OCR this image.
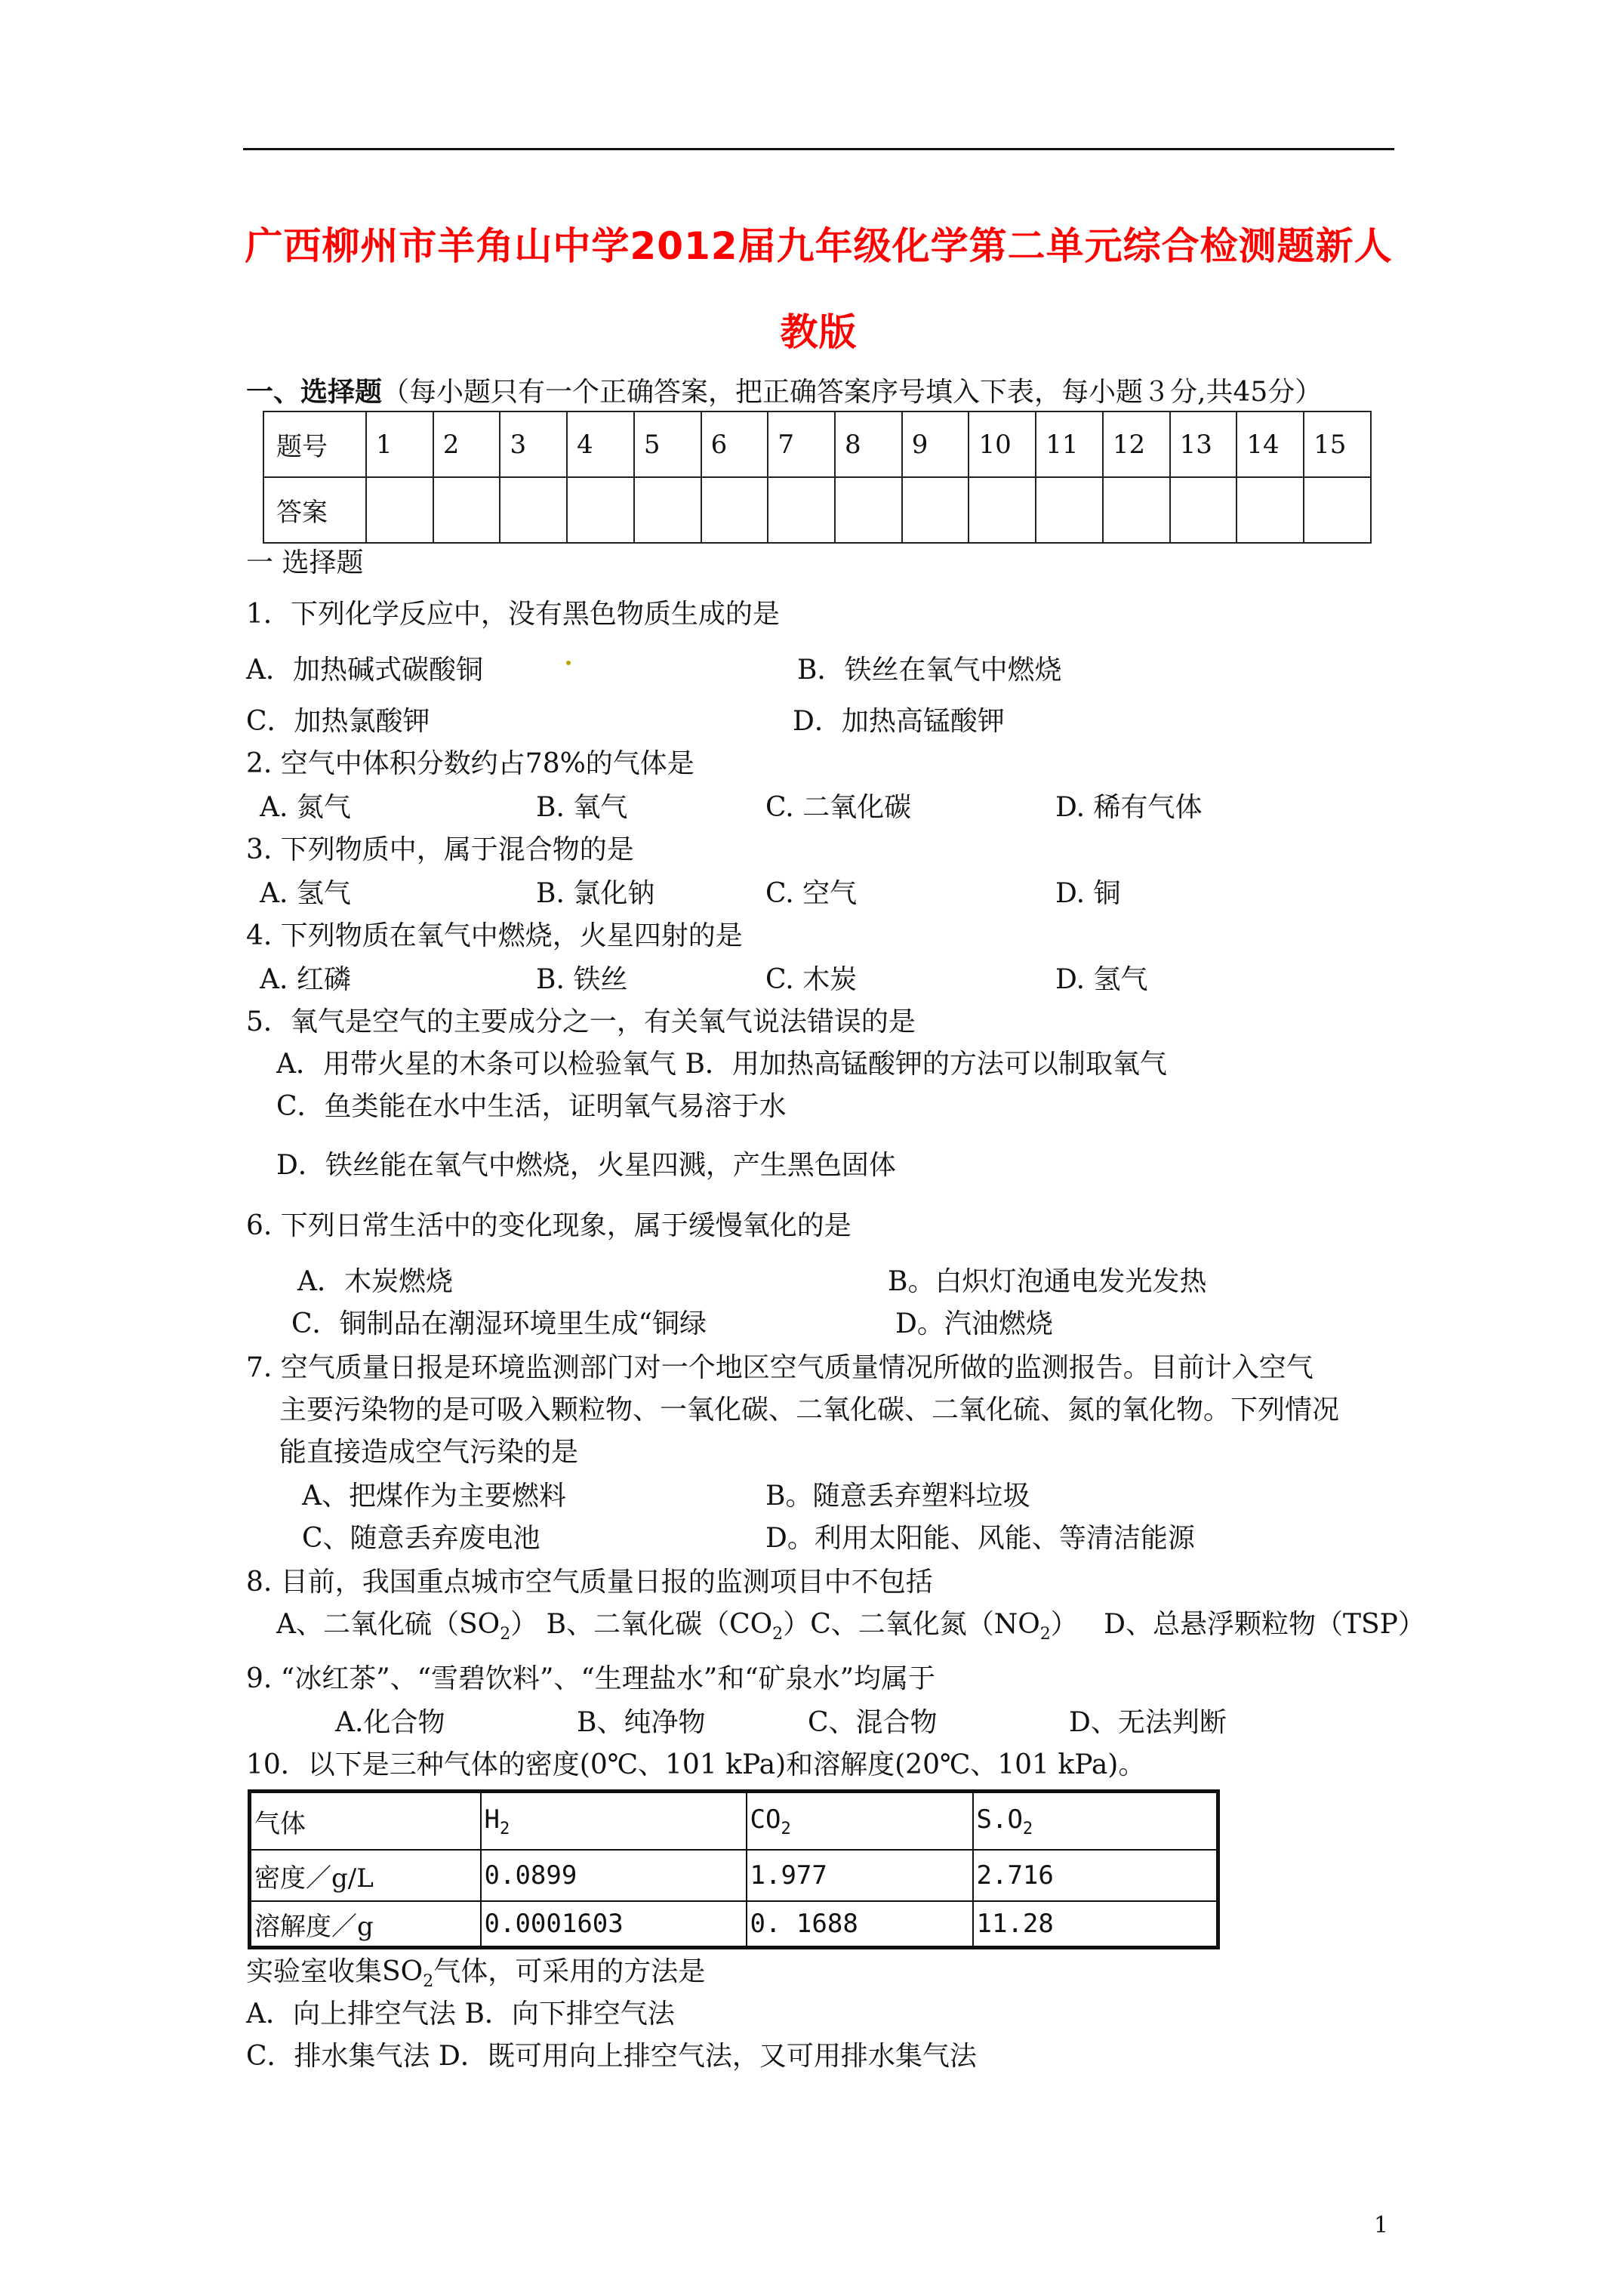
广西柳州市羊角山中学2012届九年级化学第二单元综合检测题新人
教版
一、选择题（每小题只有一个正确答案，把正确答案序号填入下表，每小题３分,共45分）
题号	1	2	3	4	5	6	7	8	9	10	11	12	13	14	15
答案															
一 选择题
1．下列化学反应中，没有黑色物质生成的是
A．加热碱式碳酸铜	B．铁丝在氧气中燃烧
C．加热氯酸钾	D．加热高锰酸钾
2. 空气中体积分数约占78%的气体是
A. 氮气	B. 氧气	C. 二氧化碳	D. 稀有气体
3. 下列物质中，属于混合物的是
A. 氢气	B. 氯化钠	C. 空气	D. 铜
4. 下列物质在氧气中燃烧，火星四射的是
A. 红磷	B. 铁丝	C. 木炭	D. 氢气
5．氧气是空气的主要成分之一，有关氧气说法错误的是
A．用带火星的木条可以检验氧气 B．用加热高锰酸钾的方法可以制取氧气
C．鱼类能在水中生活，证明氧气易溶于水
D．铁丝能在氧气中燃烧，火星四溅，产生黑色固体
6. 下列日常生活中的变化现象，属于缓慢氧化的是
A．木炭燃烧	B。白炽灯泡通电发光发热
C．铜制品在潮湿环境里生成“铜绿	D。汽油燃烧
7. 空气质量日报是环境监测部门对一个地区空气质量情况所做的监测报告。目前计入空气
主要污染物的是可吸入颗粒物、一氧化碳、二氧化碳、二氧化硫、氮的氧化物。下列情况
能直接造成空气污染的是
A、把煤作为主要燃料	B。随意丢弃塑料垃圾
C、随意丢弃废电池	D。利用太阳能、风能、等清洁能源
8. 目前，我国重点城市空气质量日报的监测项目中不包括
A、二氧化硫$(SO_2)$ B、二氧化碳$(CO_2)C$、二氧化氮$(NO_2)$ D、总悬浮颗粒物（TSP）
9. “冰红茶”、“雪碧饮料”、“生理盐水”和“矿泉水”均属于
A.化合物	B、纯净物	C、混合物	D、无法判断
10．以下是三种气体的密度(0℃、101 kPa)和溶解度(20℃、101 kPa)。
气体	$H_2$	$CO_2$	$S.O_2$
密度／g/L	0.0899	1.977	2.716
溶解度／g	0.0001603	0. 1688	11.28
实验室收集$SO_2$气体，可采用的方法是
A．向上排空气法 B．向下排空气法
C．排水集气法 D．既可用向上排空气法，又可用排水集气法
1
